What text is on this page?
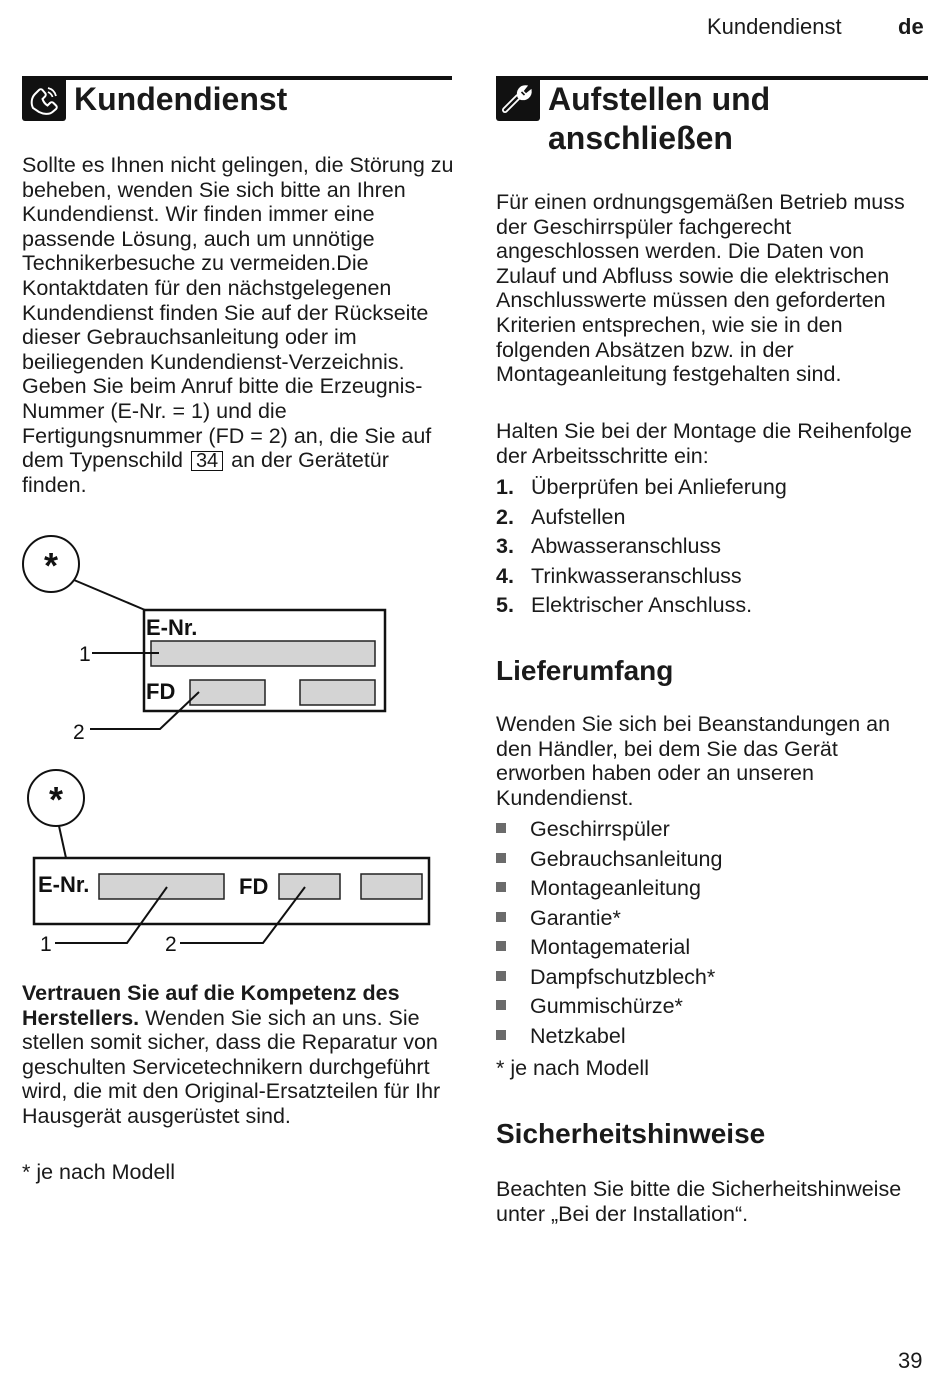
Kundendienst	de
Kundendienst
Sollte es Ihnen nicht gelingen, die Störung zu beheben, wenden Sie sich bitte an Ihren Kundendienst. Wir finden immer eine passende Lösung, auch um unnötige Technikerbesuche zu vermeiden.Die Kontaktdaten für den nächstgelegenen Kundendienst finden Sie auf der Rückseite dieser Gebrauchsanleitung oder im beiliegenden Kundendienst-Verzeichnis. Geben Sie beim Anruf bitte die Erzeugnis-Nummer (E-Nr. = 1) und die Fertigungsnummer (FD = 2) an, die Sie auf dem Typenschild 34 an der Gerätetür finden.
*
E-Nr.
FD
1
2
*
E-Nr.	FD
1	2
Vertrauen Sie auf die Kompetenz des Herstellers. Wenden Sie sich an uns. Sie stellen somit sicher, dass die Reparatur von geschulten Servicetechnikern durchgeführt wird, die mit den Original-Ersatzteilen für Ihr Hausgerät ausgerüstet sind.
* je nach Modell
Aufstellen und
anschließen
Für einen ordnungsgemäßen Betrieb muss der Geschirrspüler fachgerecht angeschlossen werden. Die Daten von Zulauf und Abfluss sowie die elektrischen Anschlusswerte müssen den geforderten Kriterien entsprechen, wie sie in den folgenden Absätzen bzw. in der Montageanleitung festgehalten sind.
Halten Sie bei der Montage die Reihenfolge der Arbeitsschritte ein:
1. Überprüfen bei Anlieferung
2. Aufstellen
3. Abwasseranschluss
4. Trinkwasseranschluss
5. Elektrischer Anschluss.
Lieferumfang
Wenden Sie sich bei Beanstandungen an den Händler, bei dem Sie das Gerät erworben haben oder an unseren Kundendienst.
Geschirrspüler
Gebrauchsanleitung
Montageanleitung
Garantie*
Montagematerial
Dampfschutzblech*
Gummischürze*
Netzkabel
* je nach Modell
Sicherheitshinweise
Beachten Sie bitte die Sicherheitshinweise unter „Bei der Installation“.
39
